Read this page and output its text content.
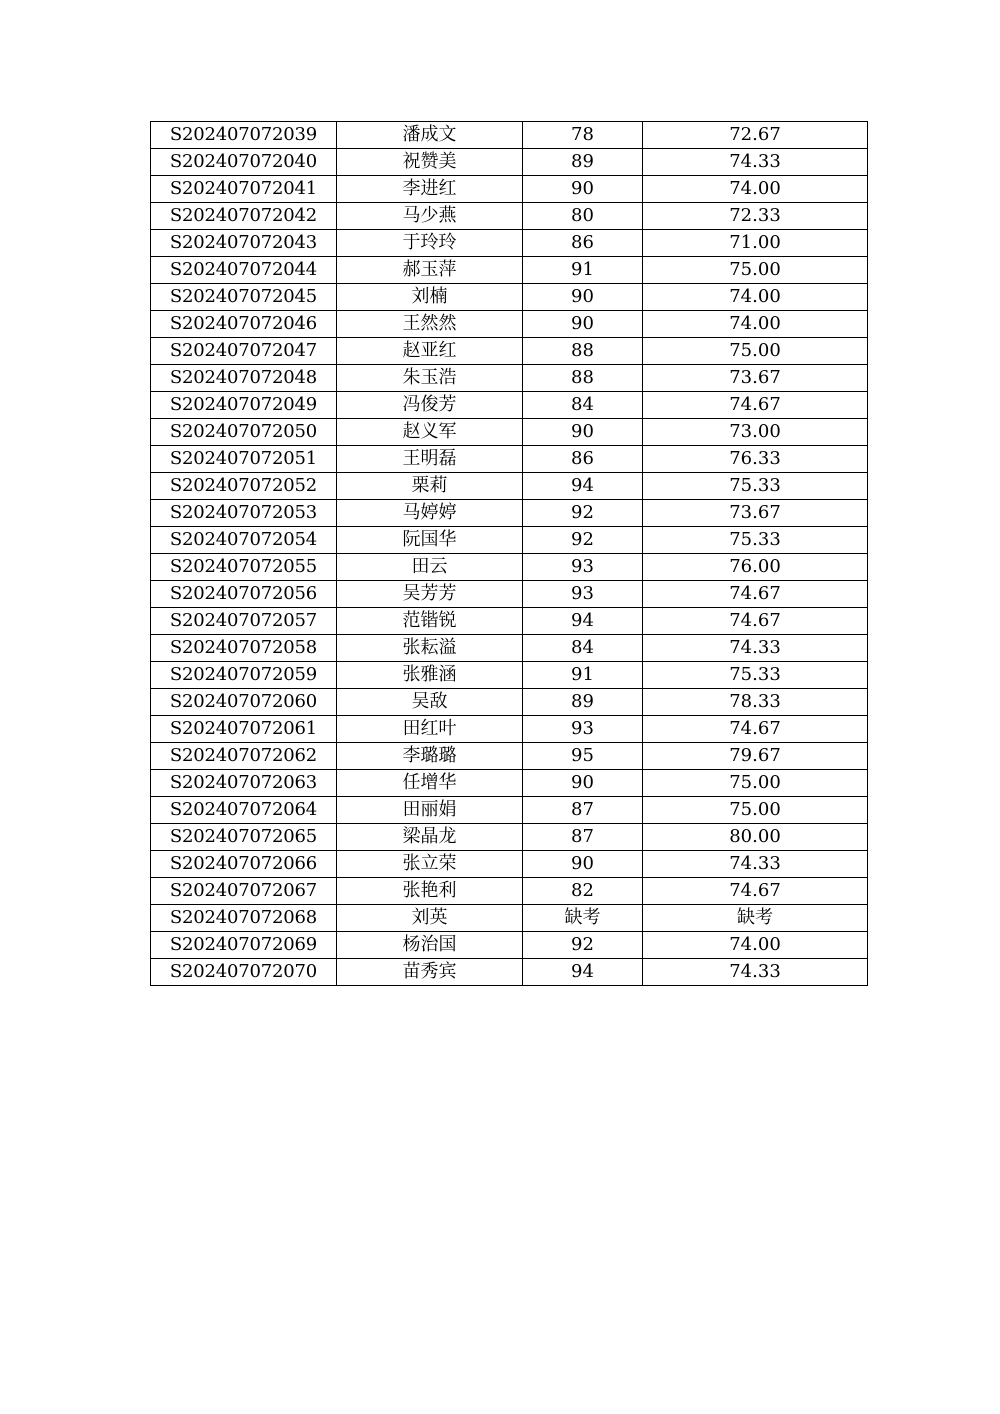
S202407072039	潘成文	78	72.67
S202407072040	祝赞美	89	74.33
S202407072041	李进红	90	74.00
S202407072042	马少燕	80	72.33
S202407072043	于玲玲	86	71.00
S202407072044	郝玉萍	91	75.00
S202407072045	刘楠	90	74.00
S202407072046	王然然	90	74.00
S202407072047	赵亚红	88	75.00
S202407072048	朱玉浩	88	73.67
S202407072049	冯俊芳	84	74.67
S202407072050	赵义军	90	73.00
S202407072051	王明磊	86	76.33
S202407072052	栗莉	94	75.33
S202407072053	马婷婷	92	73.67
S202407072054	阮国华	92	75.33
S202407072055	田云	93	76.00
S202407072056	吴芳芳	93	74.67
S202407072057	范锴锐	94	74.67
S202407072058	张耘溢	84	74.33
S202407072059	张雅涵	91	75.33
S202407072060	吴敌	89	78.33
S202407072061	田红叶	93	74.67
S202407072062	李璐璐	95	79.67
S202407072063	任增华	90	75.00
S202407072064	田丽娟	87	75.00
S202407072065	梁晶龙	87	80.00
S202407072066	张立荣	90	74.33
S202407072067	张艳利	82	74.67
S202407072068	刘英	缺考	缺考
S202407072069	杨治国	92	74.00
S202407072070	苗秀宾	94	74.33
